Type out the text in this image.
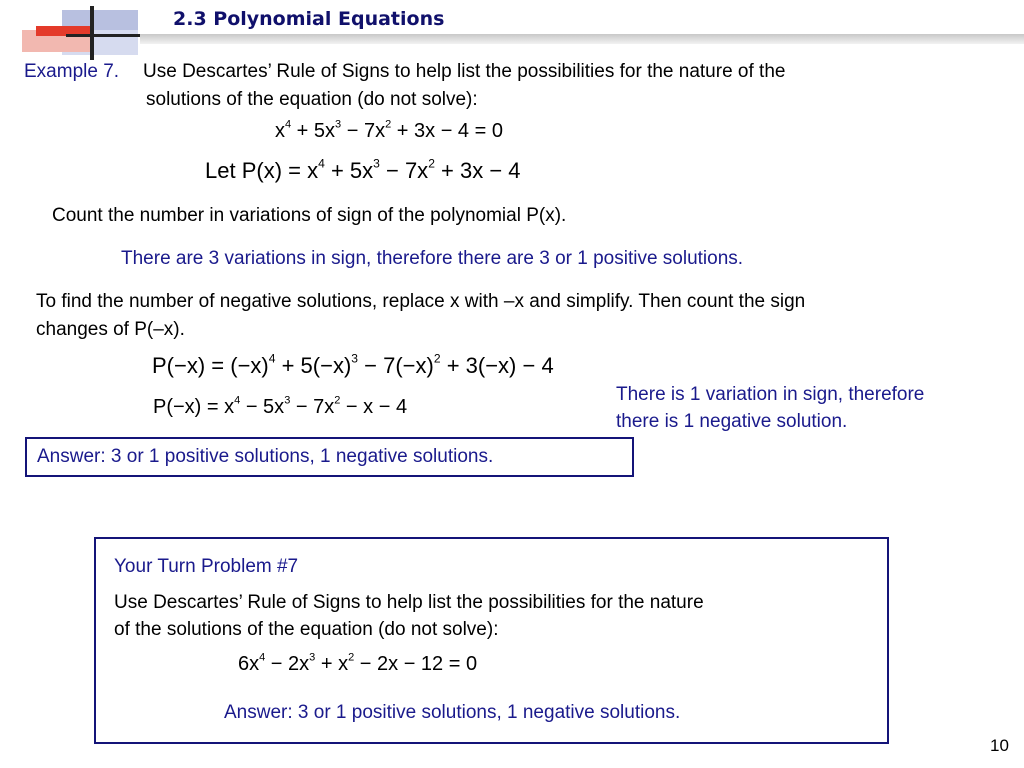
2.3 Polynomial Equations
Example 7. Use Descartes’ Rule of Signs to help list the possibilities for the nature of the
solutions of the equation (do not solve):
$x^4 + 5x^3 - 7x^2 + 3x - 4 = 0$
Let $P(x) = x^4 + 5x^3 - 7x^2 + 3x - 4$
Count the number in variations of sign of the polynomial P(x).
There are 3 variations in sign, therefore there are 3 or 1 positive solutions.
To find the number of negative solutions, replace x with –x and simplify. Then count the sign
changes of P(–x).
$P(-x) = (-x)^4 + 5(-x)^3 - 7(-x)^2 + 3(-x) - 4$
$P(-x) = x^4 - 5x^3 - 7x^2 - x - 4$
There is 1 variation in sign, therefore
there is 1 negative solution.
Answer: 3 or 1 positive solutions, 1 negative solutions.
Your Turn Problem #7
Use Descartes’ Rule of Signs to help list the possibilities for the nature
of the solutions of the equation (do not solve):
$6x^4 - 2x^3 + x^2 - 2x - 12 = 0$
Answer: 3 or 1 positive solutions, 1 negative solutions.
10
